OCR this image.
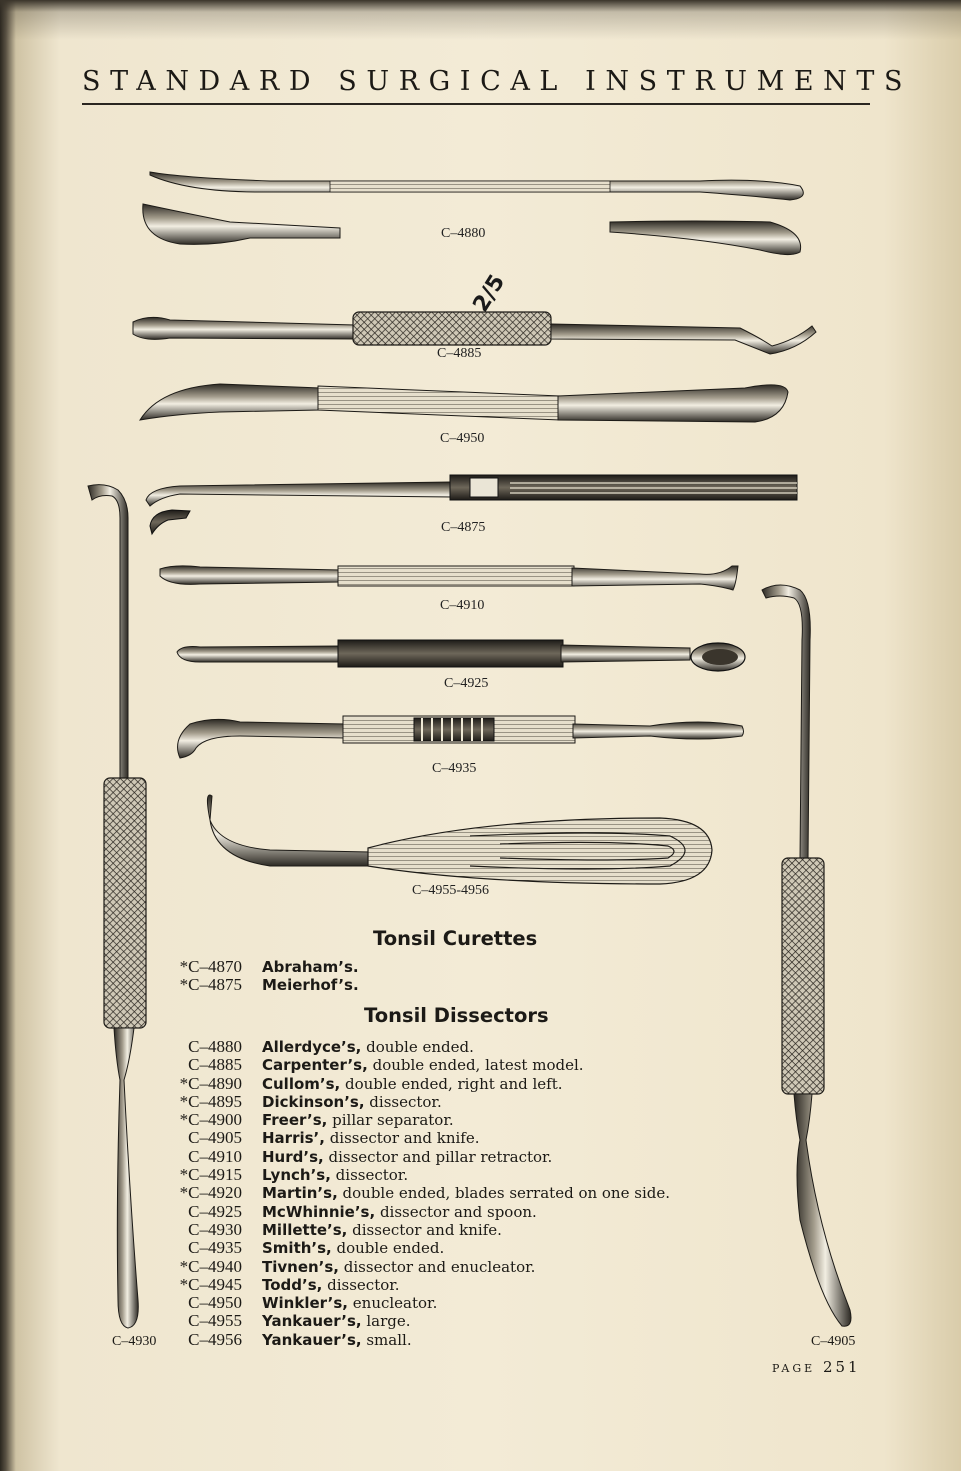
STANDARD SURGICAL INSTRUMENTS
2/5
C–4880
C–4885
C–4950
C–4875
C–4910
C–4925
C–4935
C–4955-4956
Tonsil Curettes
*C–4870 Abraham’s.
*C–4875 Meierhof’s.
Tonsil Dissectors
C–4880 Allerdyce’s, double ended.
C–4885 Carpenter’s, double ended, latest model.
*C–4890 Cullom’s, double ended, right and left.
*C–4895 Dickinson’s, dissector.
*C–4900 Freer’s, pillar separator.
C–4905 Harris’, dissector and knife.
C–4910 Hurd’s, dissector and pillar retractor.
*C–4915 Lynch’s, dissector.
*C–4920 Martin’s, double ended, blades serrated on one side.
C–4925 McWhinnie’s, dissector and spoon.
C–4930 Millette’s, dissector and knife.
C–4935 Smith’s, double ended.
*C–4940 Tivnen’s, dissector and enucleator.
*C–4945 Todd’s, dissector.
C–4950 Winkler’s, enucleator.
C–4955 Yankauer’s, large.
C–4956 Yankauer’s, small.
C–4930	C–4905
PAGE 251
